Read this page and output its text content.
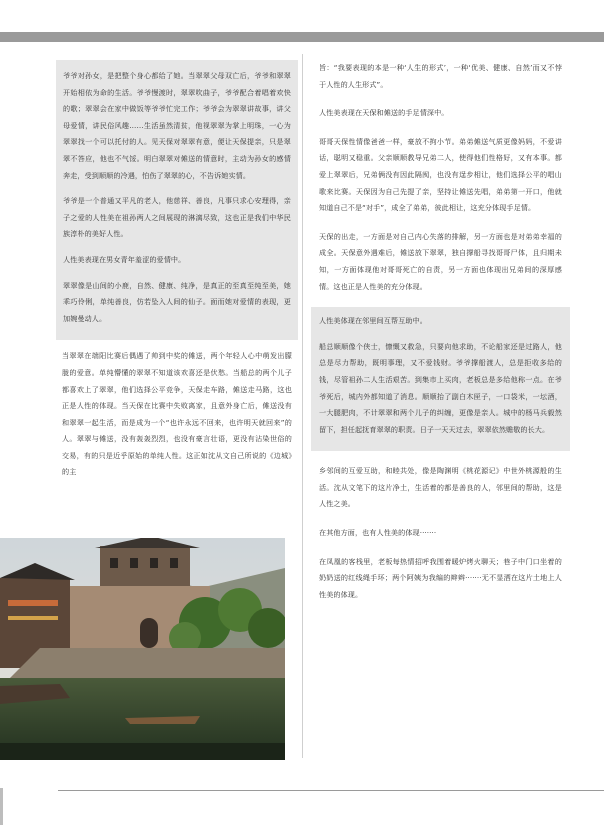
爷爷对孙女，是把整个身心都给了她。当翠翠父母双亡后，爷爷和翠翠开始相依为命的生活。爷爷慢渡时，翠翠吹曲子，爷爷配合着唱着欢快的歌；翠翠会在家中做饭等爷爷忙完工作；爷爷会为翠翠讲故事，讲父母爱情，讲民俗风趣……生活虽然清贫，他视翠翠为掌上明珠，一心为翠翠找一个可以托付的人。见天保对翠翠有意，便让天保提亲，只是翠翠不答应，他也不气馁。明白翠翠对傩送的情意时，主动为孙女的感情奔走，受到顺顺的冷遇，怕伤了翠翠的心，不告诉她实情。

爷爷是一个普通又平凡的老人，他慈祥、善良，凡事只求心安理得，亲子之爱的人性美在祖孙两人之间展现的淋漓尽致，这也正是我们中华民族淳朴的美好人性。

人性美表现在男女青年羞涩的爱情中。

翠翠像是山间的小鹿，自然、健康、纯净，是真正的至真至纯至美，她乖巧伶俐，单纯善良，仿若坠入人间的仙子。面而她对爱情的表现，更加婉曼动人。

当翠翠在端阳比赛后偶遇了帅到中奖的傩送，两个年轻人心中萌发出朦胧的爱意。单纯懵懂的翠翠不知道该欢喜还是伏愁。当船总的两个儿子都喜欢上了翠翠，他们选择公平竞争，天保走车路，傩送走马路，这也正是人性的体现。当天保在比赛中失败离家，且意外身亡后，傩送没有和翠翠一起生活，而是成为一个“也许永远不回来，也许明天就回来”的人。翠翠与傩送，没有轰轰烈烈，也没有豪言壮语，更没有沾染世俗的交易，有的只是近乎原始的单纯人性。这正如沈从文自己所说的《边城》的主

旨：“我要表现的本是一种‘人生的形式’，一种‘优美、健康、自然’而又不悖于人性的人生形式”。

人性美表现在天保和傩送的手足情深中。

哥哥天保性情像爸爸一样，豪放不拘小节。弟弟傩送气质更像妈妈，不爱讲话，聪明又稳重。父亲顺顺教导兄弟二人，使得他们性格好，又有本事。都爱上翠翠后，兄弟俩没有因此隔阂，也没有逞步相让，他们选择公平的唱山歌来比赛。天保因为自己先提了亲，坚持让傩送先唱，弟弟第一开口，他就知道自己不是“对手”，成全了弟弟，彼此相让，这充分体现手足情。

天保的出走，一方面是对自己内心失落的排解，另一方面也是对弟弟幸福的成全。天保意外遇难后，傩送放下翠翠，独自撑船寻找哥哥尸体，且归期未知，一方面体现他对哥哥死亡的自责，另一方面也体现出兄弟间的深厚感情。这也正是人性美的充分体现。

人性美体现在邻里间互帮互助中。

船总顺顺像个侠士，慷慨又救急，只要向他求助，不论船家还是过路人，他总是尽力帮助，既明事理，又不爱钱财。爷爷撑船渡人，总是拒收多给的钱，尽管祖孙二人生活艰苦。到集市上买肉，老板总是多给他称一点。在爷爷死后，城内外都知道了消息。顺顺抬了副白木匣子，一口袋米，一坛酒，一大腿肥肉，不计翠翠和两个儿子的纠缠，更像是亲人。城中的杨马兵毅然留下，担任起抚育翠翠的职责。日子一天天过去，翠翠依然赡敬的长大。

乡邻间的互爱互助，和睦共处，像是陶渊明《桃花源记》中世外桃源般的生活。沈从文笔下的这片净土，生活着的都是善良的人，邻里间的帮助，这是人性之美。

在其他方面，也有人性美的体现·······

在凤凰的客栈里，老板每热情招呼我围着暖炉烤火聊天；巷子中门口坐着的奶奶送的红线绳手环；两个阿姨为我编的辫辫·······无不显洒在这片土地上人性美的体现。
